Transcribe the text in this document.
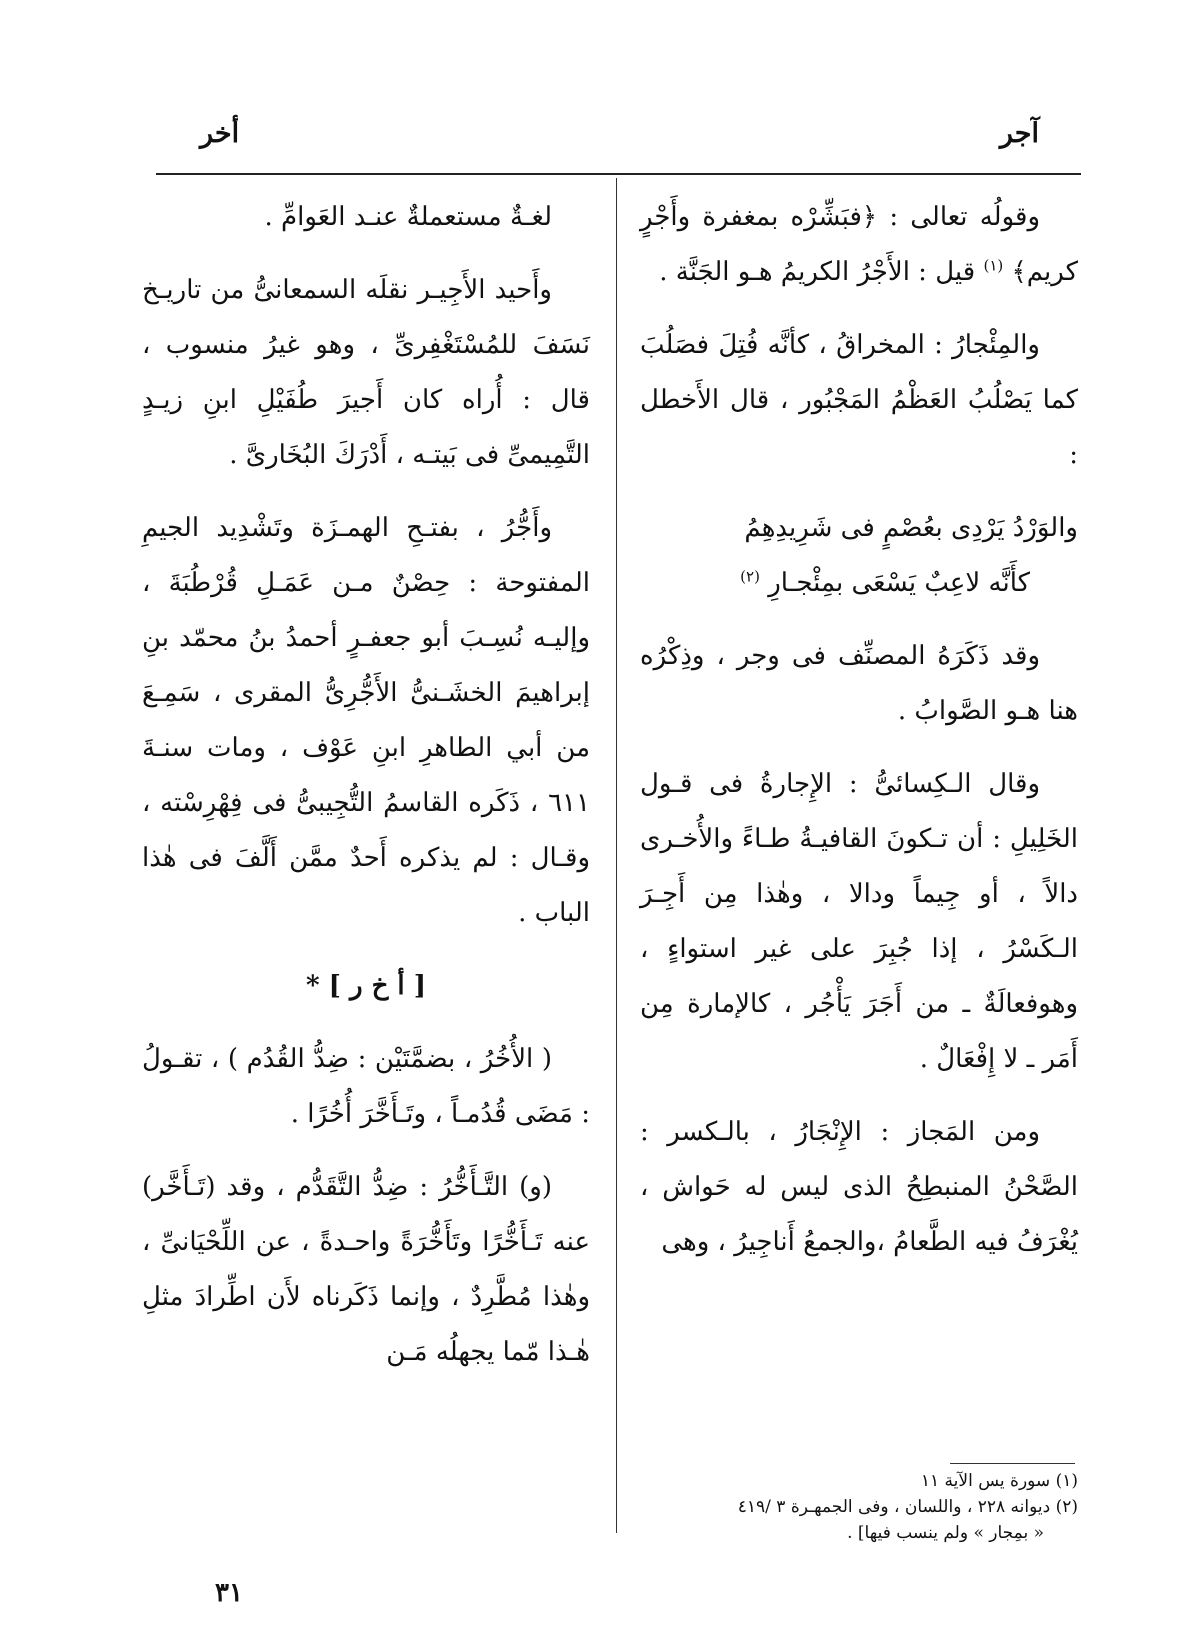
آجر
أخر

وقولُه تعالى : ﴿فبَشِّرْه بمغفرة وأَجْرٍ كريم﴾ $^{(١)}$ قيل : الأَجْرُ الكريمُ هـو الجَنَّة .

والمِئْجارُ : المخراقُ ، كأنَّه فُتِلَ فصَلُبَ كما يَصْلُبُ العَظْمُ المَجْبُور ، قال الأَخطل :

والوَرْدُ يَرْدِى بعُصْمٍ فى شَرِيدِهِمُ
كأَنَّه لاعِبٌ يَسْعَى بمِئْجـارِ $^{(٢)}$

وقد ذَكَرَهُ المصنِّف فى وجر ، وذِكْرُه هنا هـو الصَّوابُ .

وقال الـكِسائىُّ : الإِجارةُ فى قـول الخَلِيلِ : أن تـكونَ القافيـةُ طـاءً والأُخـرى دالاً ، أو جِيماً ودالا ، وهٰذا مِن أَجِـرَ الـكَسْرُ ، إذا جُبِرَ على غير استواءٍ ، وهوفعالَةٌ ـ من أَجَرَ يَأْجُر ، كالإمارة مِن أَمَر ـ لا إِفْعَالٌ .

ومن المَجاز : الإِنْجَارُ ، بالـكسر : الصَّحْنُ المنبطِحُ الذى ليس له حَواش ، يُغْرَفُ فيه الطَّعامُ ،والجمعُ أَناجِيرُ ، وهى

لغـةٌ مستعملةٌ عنـد العَوامِّ .

وأَحيد الأَجِيـر نقلَه السمعانىُّ من تاريـخ نَسَفَ للمُسْتَغْفِرىِّ ، وهو غيرُ منسوب ، قال : أُراه كان أَجيرَ طُفَيْلِ ابنِ زيـدٍ التَّمِيمىِّ فى بَيتـه ، أَدْرَكَ البُخَارىَّ .

وأَجُّرُ ، بفتـحِ الهمـزَة وتَشْدِيد الجيمِ المفتوحة : حِصْنٌ مـن عَمَـلِ قُرْطُبَةَ ، وإليـه نُسِـبَ أبو جعفـرٍ أحمدُ بنُ محمّد بنِ إبراهيمَ الخشَـنىُّ الأَجُّرِىُّ المقرى ، سَمِـعَ من أبي الطاهرِ ابنِ عَوْف ، ومات سنـةَ ٦١١ ، ذَكَره القاسمُ التُّجِيبىُّ فى فِهْرِسْته ، وقـال : لم يذكره أَحدٌ ممَّن أَلَّفَ فى هٰذا الباب .

[ أ خ ر ] *

( الأُخُرُ ، بضمَّتَيْن : ضِدُّ القُدُم ) ، تقـولُ : مَضَى قُدُمـاً ، وتَـأَخَّرَ أُخُرًا .

(و) التَّـأَخُّرُ : ضِدُّ التَّقَدُّم ، وقد (تَـأَخَّر) عنه تَـأَخُّرًا وتَأَخُّرَةً واحـدةً ، عن اللِّحْيَانىِّ ، وهٰذا مُطَّرِدٌ ، وإنما ذَكَرناه لأَن اطِّرادَ مثلِ هٰـذا مّما يجهلُه مَـن

(١) سورة يس الآية ١١
(٢) ديوانه ٢٢٨ ، واللسان ، وفى الجمهـرة ٣ /٤١٩
« بمِجار » ولم ينسب فيها] .
٣١
